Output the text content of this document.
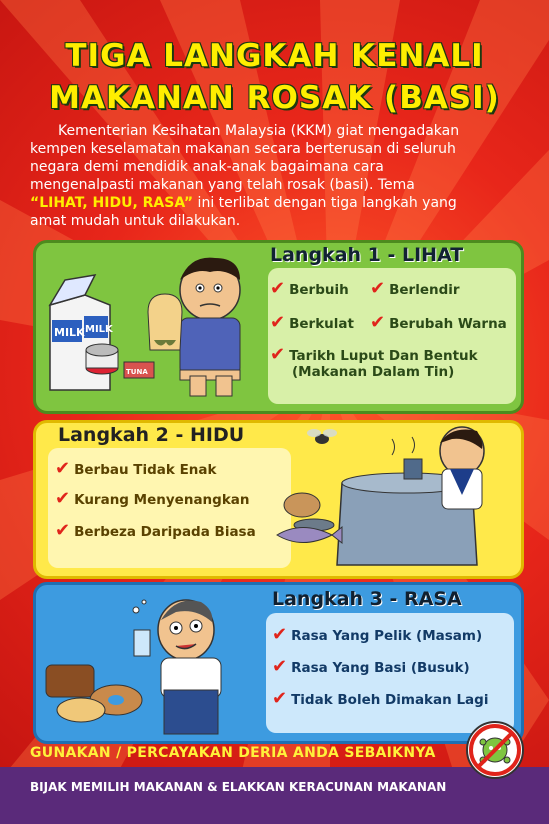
TIGA LANGKAH KENALI
MAKANAN ROSAK (BASI)
Kementerian Kesihatan Malaysia (KKM) giat mengadakan
kempen keselamatan makanan secara berterusan di seluruh
negara demi mendidik anak-anak bagaimana cara
mengenalpasti makanan yang telah rosak (basi). Tema
“LIHAT, HIDU, RASA” ini terlibat dengan tiga langkah yang
amat mudah untuk dilakukan.
MILK MILK
TUNA
Langkah 1 - LIHAT
✔ Berbuih ✔ Berlendir
✔ Berkulat ✔ Berubah Warna
✔ Tarikh Luput Dan Bentuk
(Makanan Dalam Tin)
Langkah 2 - HIDU
✔ Berbau Tidak Enak
✔ Kurang Menyenangkan
✔ Berbeza Daripada Biasa
Langkah 3 - RASA
✔ Rasa Yang Pelik (Masam)
✔ Rasa Yang Basi (Busuk)
✔ Tidak Boleh Dimakan Lagi
GUNAKAN / PERCAYAKAN DERIA ANDA SEBAIKNYA
BIJAK MEMILIH MAKANAN & ELAKKAN KERACUNAN MAKANAN
